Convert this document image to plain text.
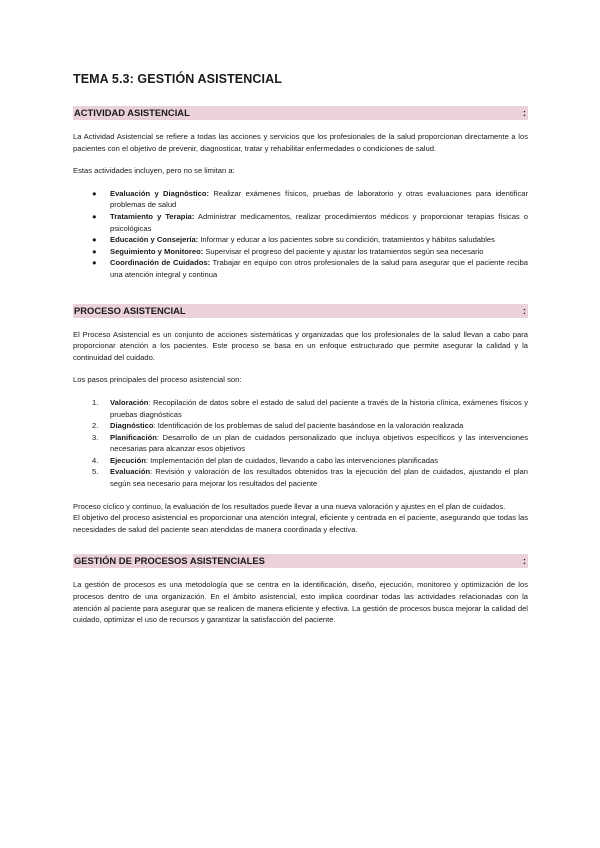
TEMA 5.3: GESTIÓN ASISTENCIAL
ACTIVIDAD ASISTENCIAL	:

La Actividad Asistencial se refiere a todas las acciones y servicios que los profesionales de la salud proporcionan directamente a los pacientes con el objetivo de prevenir, diagnosticar, tratar y rehabilitar enfermedades o condiciones de salud.

Estas actividades incluyen, pero no se limitan a:

● Evaluación y Diagnóstico: Realizar exámenes físicos, pruebas de laboratorio y otras evaluaciones para identificar problemas de salud
● Tratamiento y Terapia: Administrar medicamentos, realizar procedimientos médicos y proporcionar terapias físicas o psicológicas
● Educación y Consejería: Informar y educar a los pacientes sobre su condición, tratamientos y hábitos saludables
● Seguimiento y Monitoreo: Supervisar el progreso del paciente y ajustar los tratamientos según sea necesario
● Coordinación de Cuidados: Trabajar en equipo con otros profesionales de la salud para asegurar que el paciente reciba una atención integral y continua
PROCESO ASISTENCIAL	:

El Proceso Asistencial es un conjunto de acciones sistemáticas y organizadas que los profesionales de la salud llevan a cabo para proporcionar atención a los pacientes. Este proceso se basa en un enfoque estructurado que permite asegurar la calidad y la continuidad del cuidado.

Los pasos principales del proceso asistencial son:

1. Valoración: Recopilación de datos sobre el estado de salud del paciente a través de la historia clínica, exámenes físicos y pruebas diagnósticas
2. Diagnóstico: Identificación de los problemas de salud del paciente basándose en la valoración realizada
3. Planificación: Desarrollo de un plan de cuidados personalizado que incluya objetivos específicos y las intervenciones necesarias para alcanzar esos objetivos
4. Ejecución: Implementación del plan de cuidados, llevando a cabo las intervenciones planificadas
5. Evaluación: Revisión y valoración de los resultados obtenidos tras la ejecución del plan de cuidados, ajustando el plan según sea necesario para mejorar los resultados del paciente

Proceso cíclico y continuo, la evaluación de los resultados puede llevar a una nueva valoración y ajustes en el plan de cuidados.

El objetivo del proceso asistencial es proporcionar una atención integral, eficiente y centrada en el paciente, asegurando que todas las necesidades de salud del paciente sean atendidas de manera coordinada y efectiva.

GESTIÓN DE PROCESOS ASISTENCIALES	:

La gestión de procesos es una metodología que se centra en la identificación, diseño, ejecución, monitoreo y optimización de los procesos dentro de una organización. En el ámbito asistencial, esto implica coordinar todas las actividades relacionadas con la atención al paciente para asegurar que se realicen de manera eficiente y efectiva. La gestión de procesos busca mejorar la calidad del cuidado, optimizar el uso de recursos y garantizar la satisfacción del paciente.
